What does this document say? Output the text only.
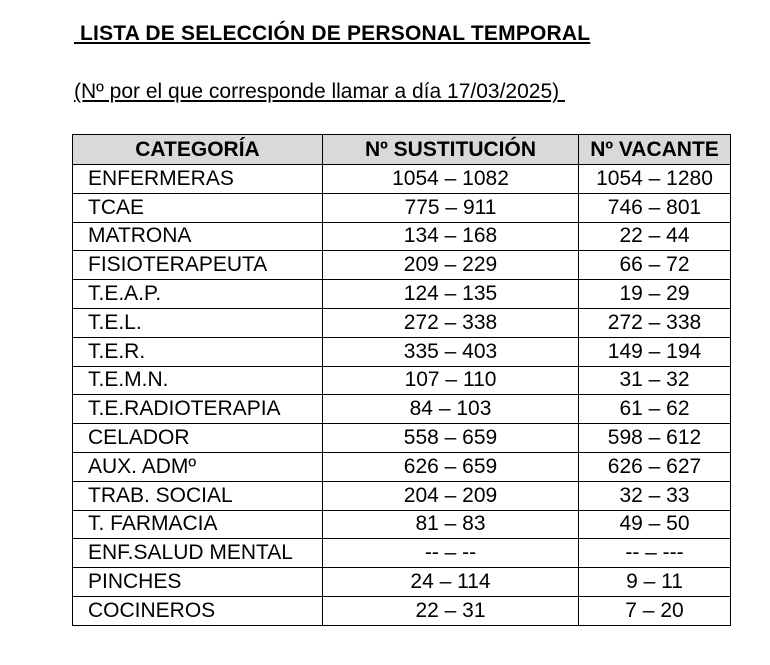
LISTA DE SELECCIÓN DE PERSONAL TEMPORAL
(Nº por el que corresponde llamar a día 17/03/2025)
CATEGORÍA	Nº SUSTITUCIÓN	Nº VACANTE
ENFERMERAS	1054 – 1082	1054 – 1280
TCAE	775 – 911	746 – 801
MATRONA	134 – 168	22 – 44
FISIOTERAPEUTA	209 – 229	66 – 72
T.E.A.P.	124 – 135	19 – 29
T.E.L.	272 – 338	272 – 338
T.E.R.	335 – 403	149 – 194
T.E.M.N.	107 – 110	31 – 32
T.E.RADIOTERAPIA	84 – 103	61 – 62
CELADOR	558 – 659	598 – 612
AUX. ADMº	626 – 659	626 – 627
TRAB. SOCIAL	204 – 209	32 – 33
T. FARMACIA	81 – 83	49 – 50
ENF.SALUD MENTAL	-- – --	-- – ---
PINCHES	24 – 114	9 – 11
COCINEROS	22 – 31	7 – 20
